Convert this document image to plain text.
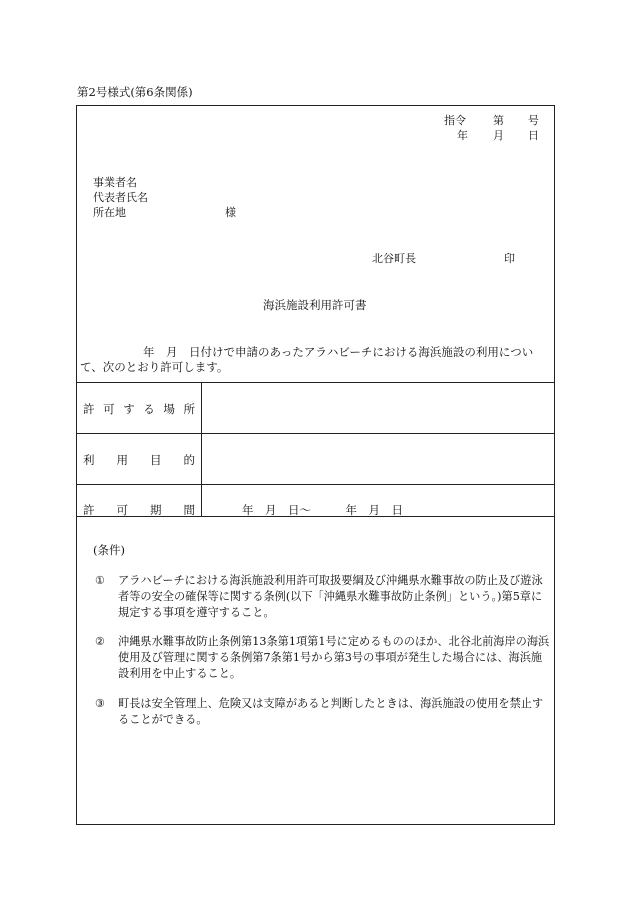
第2号様式(第6条関係)
指令 第 号
年 月 日
事業者名
代表者氏名
所在地	様
北谷町長	印
海浜施設利用許可書
年　月　日付けで申請のあったアラハビーチにおける海浜施設の利用につい
て、次のとおり許可します。
許 可 す る 場 所
利 用 目 的
許 可 期 間	年　月　日〜　　　年　月　日
(条件)
① アラハビーチにおける海浜施設利用許可取扱要綱及び沖縄県水難事故の防止及び遊泳者等の安全の確保等に関する条例(以下「沖縄県水難事故防止条例」という。)第5章に規定する事項を遵守すること。
② 沖縄県水難事故防止条例第13条第1項第1号に定めるもののほか、北谷北前海岸の海浜使用及び管理に関する条例第7条第1号から第3号の事項が発生した場合には、海浜施設利用を中止すること。
③ 町長は安全管理上、危険又は支障があると判断したときは、海浜施設の使用を禁止することができる。
